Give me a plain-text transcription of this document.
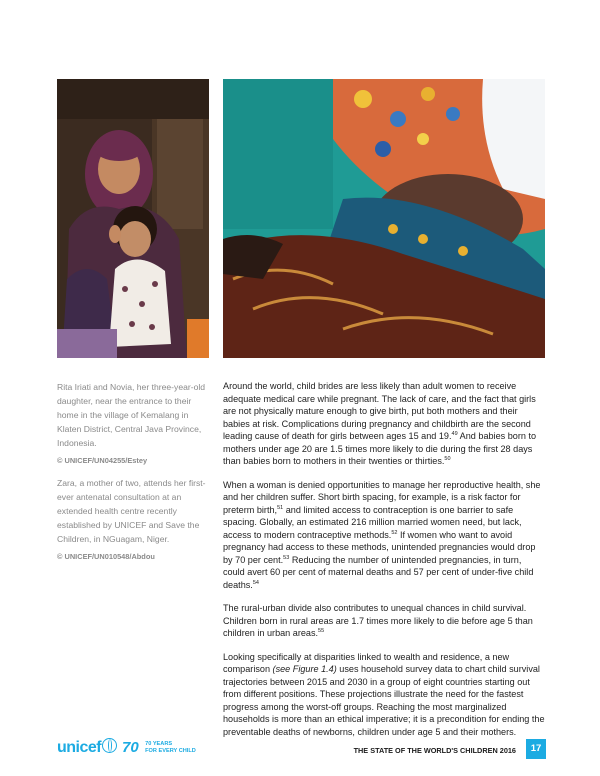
Rita Iriati and Novia, her three-year-old daughter, near the entrance to their home in the village of Kemalang in Klaten District, Central Java Province, Indonesia.

© UNICEF/UN04255/Estey

Zara, a mother of two, attends her first-ever antenatal consultation at an extended health centre recently established by UNICEF and Save the Children, in NGuagam, Niger.

© UNICEF/UN010548/Abdou

Around the world, child brides are less likely than adult women to receive adequate medical care while pregnant. The lack of care, and the fact that girls are not physically mature enough to give birth, put both mothers and their babies at risk. Complications during pregnancy and childbirth are the second leading cause of death for girls between ages 15 and 19.49 And babies born to mothers under age 20 are 1.5 times more likely to die during the first 28 days than babies born to mothers in their twenties or thirties.$^{50}$

When a woman is denied opportunities to manage her reproductive health, she and her children suffer. Short birth spacing, for example, is a risk factor for preterm birth,$^{51}$ and limited access to contraception is one barrier to safe spacing. Globally, an estimated 216 million married women need, but lack, access to modern contraceptive methods.$^{52}$ If women who want to avoid pregnancy had access to these methods, unintended pregnancies would drop by 70 per cent.$^{53}$ Reducing the number of unintended pregnancies, in turn, could avert 60 per cent of maternal deaths and 57 per cent of under-five child deaths.$^{54}$

The rural-urban divide also contributes to unequal chances in child survival. Children born in rural areas are 1.7 times more likely to die before age 5 than children in urban areas.$^{55}$

Looking specifically at disparities linked to wealth and residence, a new comparison (see Figure 1.4) uses household survey data to chart child survival trajectories between 2015 and 2030 in a group of eight countries starting out from different positions. These projections illustrate the need for the fastest progress among the worst-off groups. Reaching the most marginalized households is more than an ethical imperative; it is a precondition for ending the preventable deaths of newborns, children under age 5 and their mothers.

unicef	70 70 YEARS
FOR EVERY CHILD	THE STATE OF THE WORLD'S CHILDREN 2016	17
